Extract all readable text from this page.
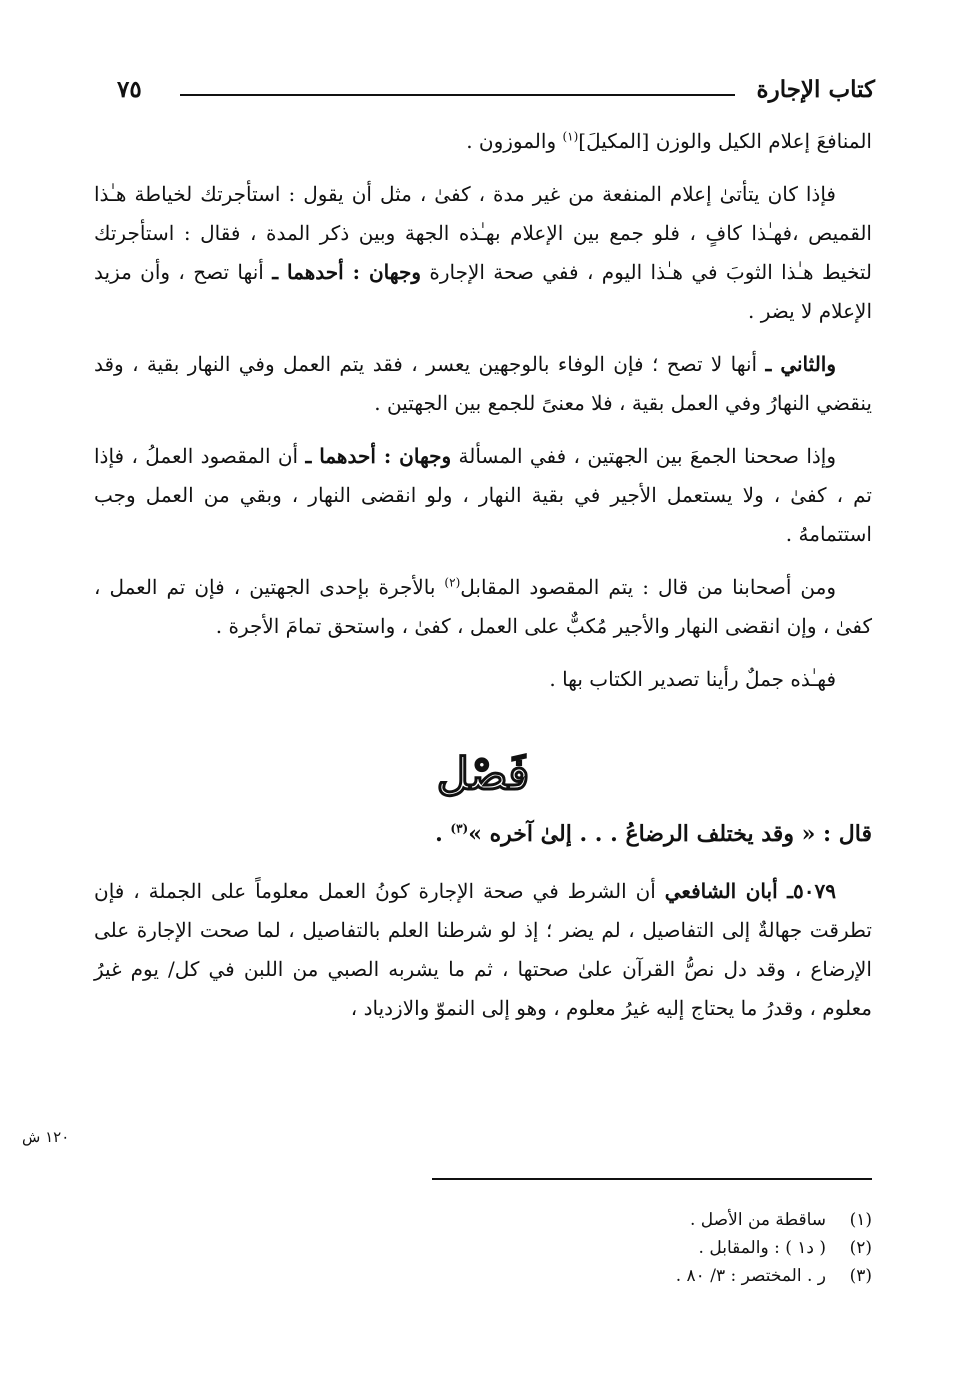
كتاب الإجارة
٧٥

المنافعَ إعلام الكيل والوزن [المكيلَ]$^{(١)}$ والموزون .

فإذا كان يتأتىٰ إعلام المنفعة من غير مدة ، كفىٰ ، مثل أن يقول : استأجرتك لخياطة هـٰذا القميص ،فهـٰذا كافٍ ، فلو جمع بين الإعلام بهـٰذه الجهة وبين ذكر المدة ، فقال : استأجرتك لتخيط هـٰذا الثوبَ في هـٰذا اليوم ، ففي صحة الإجارة وجهان : أحدهما ـ أنها تصح ، وأن مزيد الإعلام لا يضر .

والثاني ـ أنها لا تصح ؛ فإن الوفاء بالوجهين يعسر ، فقد يتم العمل وفي النهار بقية ، وقد ينقضي النهارُ وفي العمل بقية ، فلا معنىً للجمع بين الجهتين .

وإذا صححنا الجمعَ بين الجهتين ، ففي المسألة وجهان : أحدهما ـ أن المقصود العملُ ، فإذا تم ، كفىٰ ، ولا يستعمل الأجير في بقية النهار ، ولو انقضى النهار ، وبقي من العمل وجب استتمامهُ .

ومن أصحابنا من قال : يتم المقصود المقابل$^{(٢)}$ بالأجرة بإحدى الجهتين ، فإن تم العمل ، كفىٰ ، وإن انقضى النهار والأجير مُكبٌّ على العمل ، كفىٰ ، واستحق تمامَ الأجرة .

فهـٰذه جملٌ رأينا تصدير الكتاب بها .

فَصْل

قال : « وقد يختلف الرضاعُ . . . إلىٰ آخره »$^{(٣)}$ .

٥٠٧٩ـ أبان الشافعي أن الشرط في صحة الإجارة كونُ العمل معلوماً على الجملة ، فإن تطرقت جهالةٌ إلى التفاصيل ، لم يضر ؛ إذ لو شرطنا العلم بالتفاصيل ، لما صحت الإجارة على الإرضاع ، وقد دل نصُّ القرآن علىٰ صحتها ، ثم ما يشربه الصبي من اللبن في كل/ يوم غيرُ معلوم ، وقدرُ ما يحتاج إليه غيرُ معلوم ، وهو إلى النموّ والازدياد ،

١٢٠ ش
(١)ساقطة من الأصل .
(٢)( د١ ) : والمقابل .
(٣)ر . المختصر : ٣/ ٨٠ .
